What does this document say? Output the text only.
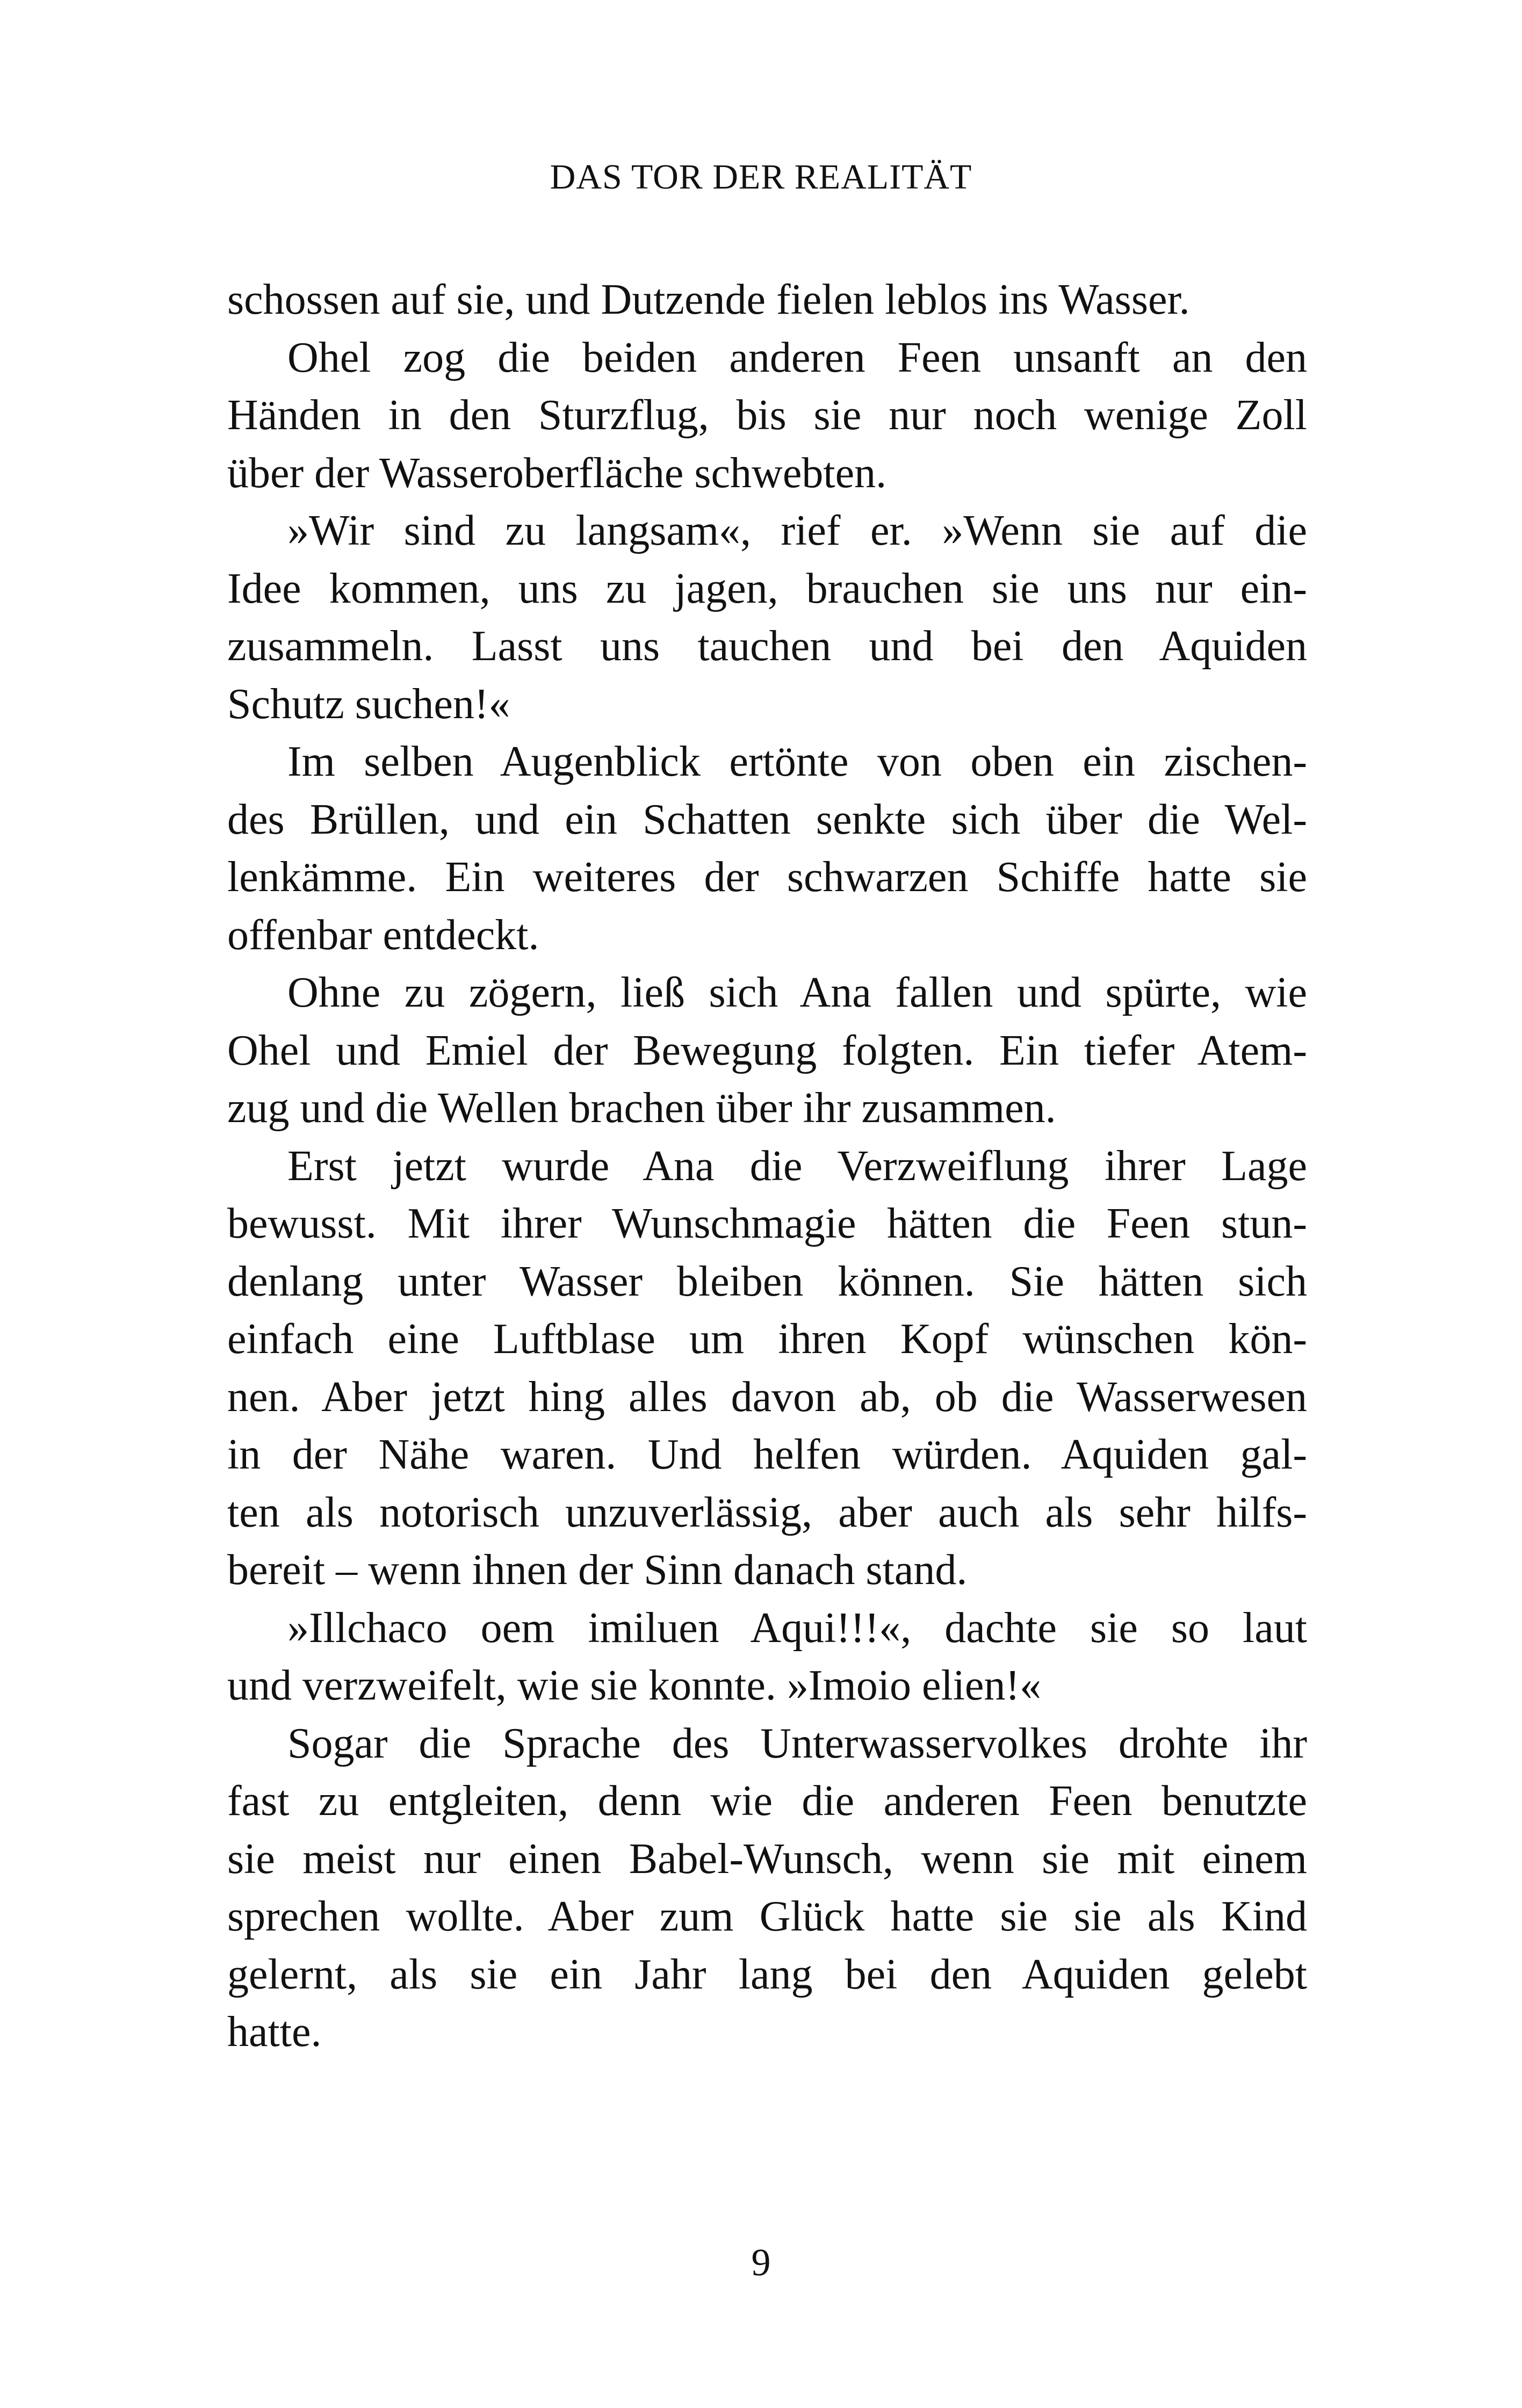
DAS TOR DER REALITÄT
schossen auf sie, und Dutzende fielen leblos ins Wasser.
Ohel zog die beiden anderen Feen unsanft an den
Händen in den Sturzflug, bis sie nur noch wenige Zoll
über der Wasseroberfläche schwebten.
»Wir sind zu langsam«, rief er. »Wenn sie auf die
Idee kommen, uns zu jagen, brauchen sie uns nur ein-
zusammeln. Lasst uns tauchen und bei den Aquiden
Schutz suchen!«
Im selben Augenblick ertönte von oben ein zischen-
des Brüllen, und ein Schatten senkte sich über die Wel-
lenkämme. Ein weiteres der schwarzen Schiffe hatte sie
offenbar entdeckt.
Ohne zu zögern, ließ sich Ana fallen und spürte, wie
Ohel und Emiel der Bewegung folgten. Ein tiefer Atem-
zug und die Wellen brachen über ihr zusammen.
Erst jetzt wurde Ana die Verzweiflung ihrer Lage
bewusst. Mit ihrer Wunschmagie hätten die Feen stun-
denlang unter Wasser bleiben können. Sie hätten sich
einfach eine Luftblase um ihren Kopf wünschen kön-
nen. Aber jetzt hing alles davon ab, ob die Wasserwesen
in der Nähe waren. Und helfen würden. Aquiden gal-
ten als notorisch unzuverlässig, aber auch als sehr hilfs-
bereit – wenn ihnen der Sinn danach stand.
»Illchaco oem imiluen Aqui!!!«, dachte sie so laut
und verzweifelt, wie sie konnte. »Imoio elien!«
Sogar die Sprache des Unterwasservolkes drohte ihr
fast zu entgleiten, denn wie die anderen Feen benutzte
sie meist nur einen Babel-Wunsch, wenn sie mit einem
sprechen wollte. Aber zum Glück hatte sie sie als Kind
gelernt, als sie ein Jahr lang bei den Aquiden gelebt
hatte.
9
